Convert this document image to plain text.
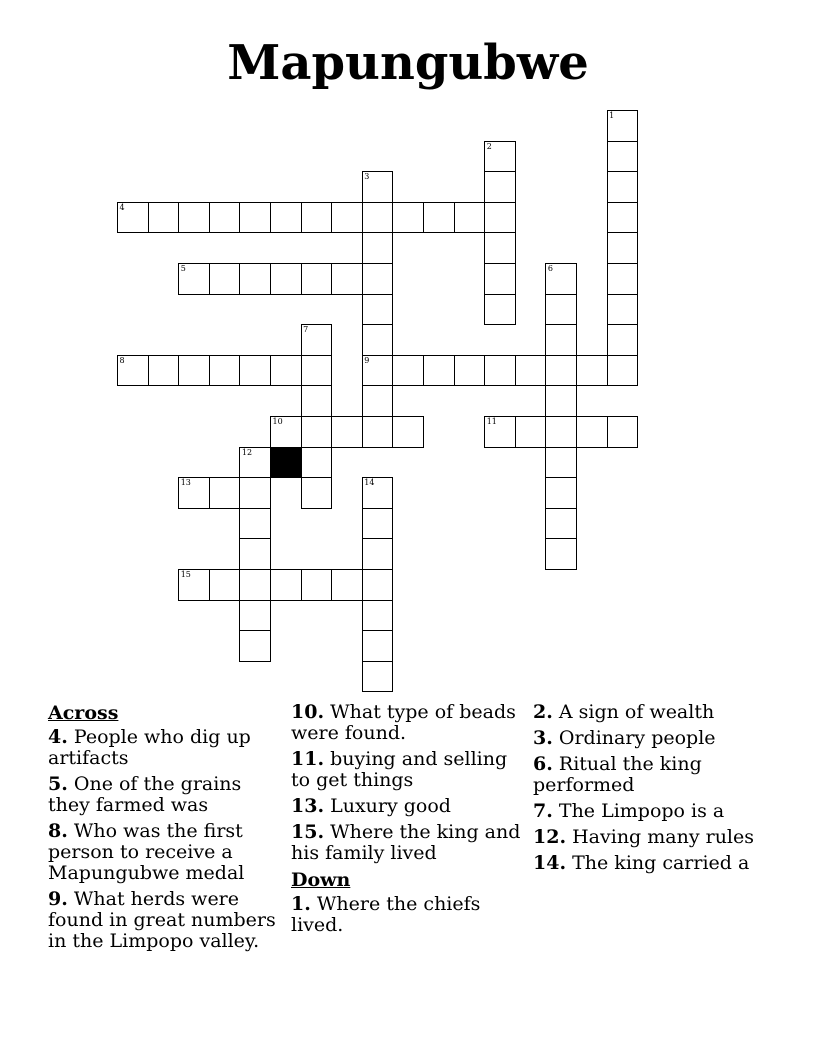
Mapungubwe
1
2
3
9
4
5	6
7
8
10	11
12
13	14
15
Across
4. People who dig up artifacts
5. One of the grains they farmed was
8. Who was the first person to receive a Mapungubwe medal
9. What herds were found in great numbers in the Limpopo valley.
10. What type of beads were found.
11. buying and selling to get things
13. Luxury good
15. Where the king and his family lived
Down
1. Where the chiefs lived.
2. A sign of wealth
3. Ordinary people
6. Ritual the king performed
7. The Limpopo is a
12. Having many rules
14. The king carried a
